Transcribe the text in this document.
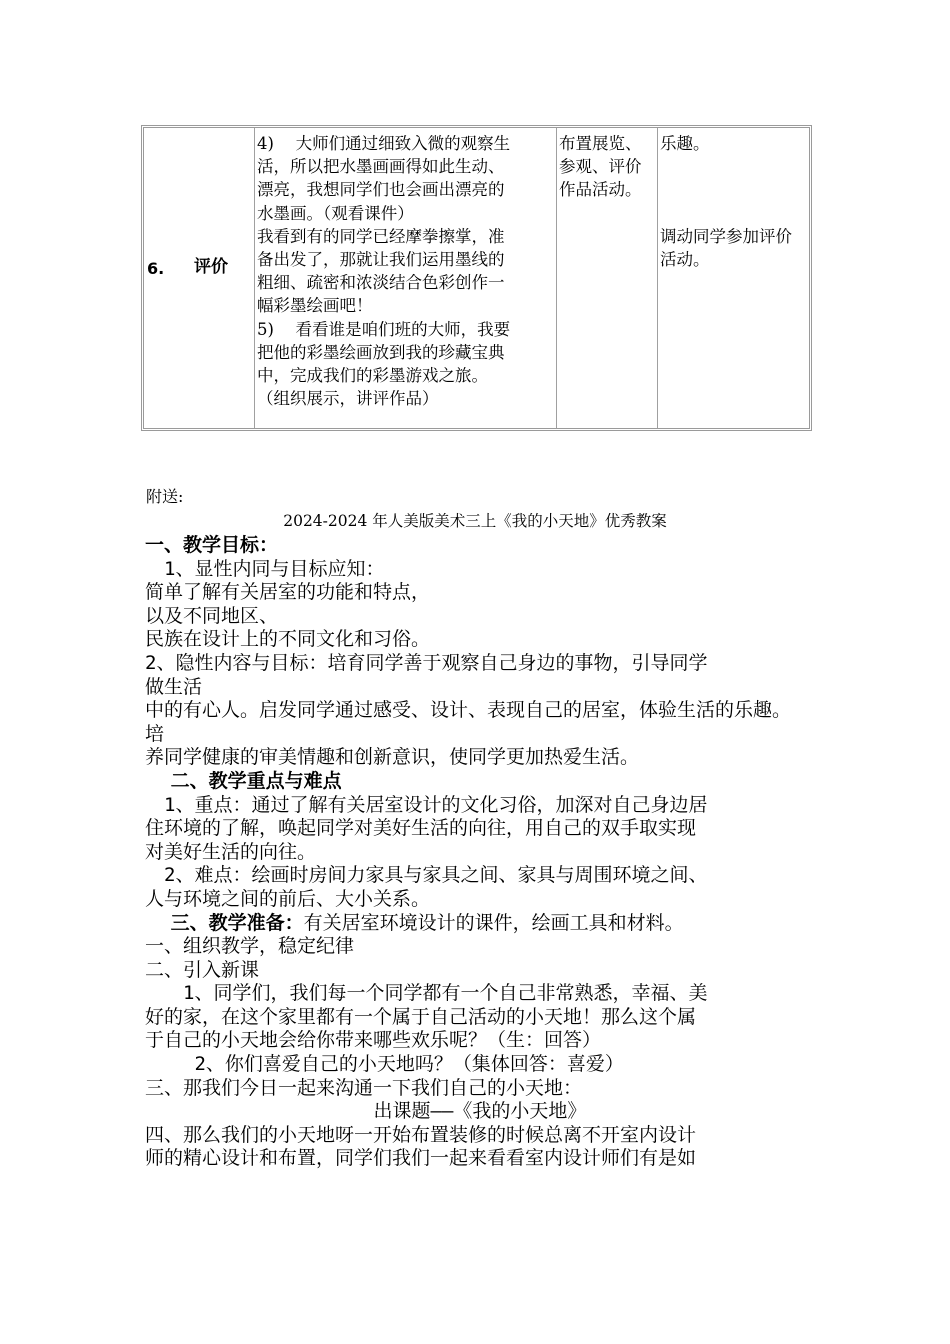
6. 评价

4)　 大师们通过细致入微的观察生

活，所以把水墨画画得如此生动、

漂亮，我想同学们也会画出漂亮的

水墨画。（观看课件）

我看到有的同学已经摩拳擦掌，准

备出发了，那就让我们运用墨线的

粗细、疏密和浓淡结合色彩创作一

幅彩墨绘画吧！

5)　 看看谁是咱们班的大师，我要

把他的彩墨绘画放到我的珍藏宝典

中，完成我们的彩墨游戏之旅。

（组织展示，讲评作品）

布置展览、

参观、评价

作品活动。

乐趣。

调动同学参加评价

活动。

附送:
2024-2024 年人美版美术三上《我的小天地》优秀教案

一、教学目标：

　1、显性内同与目标应知：

简单了解有关居室的功能和特点，

以及不同地区、

民族在设计上的不同文化和习俗。

2、隐性内容与目标：培育同学善于观察自己身边的事物，引导同学

做生活

中的有心人。启发同学通过感受、设计、表现自己的居室，体验生活的乐趣。

培

养同学健康的审美情趣和创新意识，使同学更加热爱生活。

　 二、教学重点与难点

　1、重点：通过了解有关居室设计的文化习俗，加深对自己身边居

住环境的了解，唤起同学对美好生活的向往，用自己的双手取实现

对美好生活的向往。

　2、难点：绘画时房间力家具与家具之间、家具与周围环境之间、

人与环境之间的前后、大小关系。

　 三、教学准备：有关居室环境设计的课件，绘画工具和材料。

一、组织教学，稳定纪律

二、引入新课

　　1、同学们，我们每一个同学都有一个自己非常熟悉，幸福、美

好的家，在这个家里都有一个属于自己活动的小天地！那么这个属

于自己的小天地会给你带来哪些欢乐呢？（生：回答）

　　 2、你们喜爱自己的小天地吗？（集体回答：喜爱）

三、那我们今日一起来沟通一下我们自己的小天地：

出课题——《我的小天地》

四、那么我们的小天地呀一开始布置装修的时候总离不开室内设计

师的精心设计和布置，同学们我们一起来看看室内设计师们有是如
